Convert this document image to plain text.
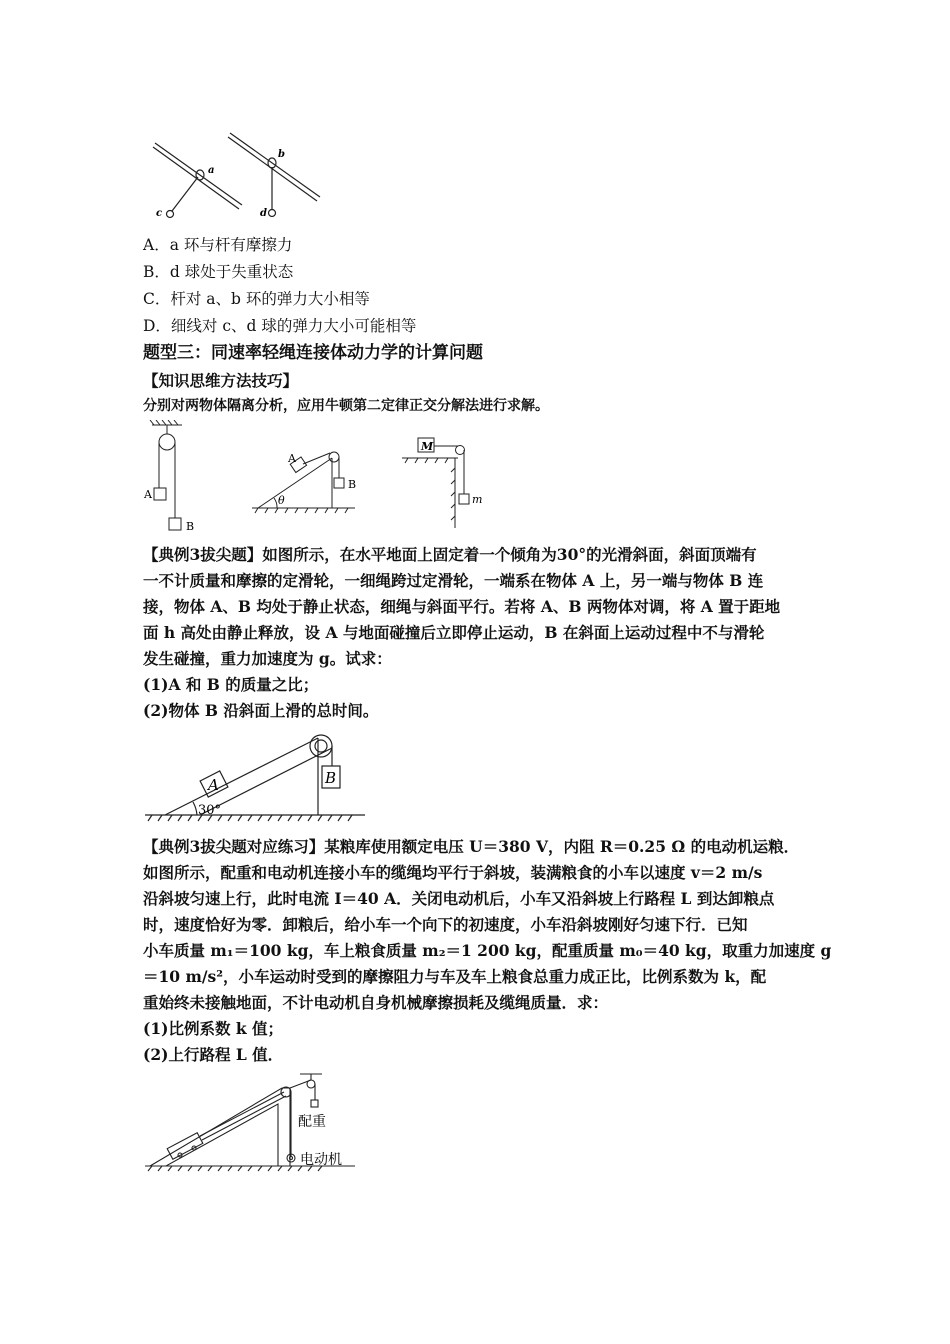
a
b
c	d
A．a 环与杆有摩擦力
B．d 球处于失重状态
C．杆对 a、b 环的弹力大小相等
D．细线对 c、d 球的弹力大小可能相等
题型三：同速率轻绳连接体动力学的计算问题
【知识思维方法技巧】
分别对两物体隔离分析，应用牛顿第二定律正交分解法进行求解。
A
B
A
B
θ
M
m
【典例3拔尖题】如图所示，在水平地面上固定着一个倾角为30°的光滑斜面，斜面顶端有
一不计质量和摩擦的定滑轮，一细绳跨过定滑轮，一端系在物体 A 上，另一端与物体 B 连
接，物体 A、B 均处于静止状态，细绳与斜面平行。若将 A、B 两物体对调，将 A 置于距地
面 h 高处由静止释放，设 A 与地面碰撞后立即停止运动，B 在斜面上运动过程中不与滑轮
发生碰撞，重力加速度为 g。试求：
(1)A 和 B 的质量之比；
(2)物体 B 沿斜面上滑的总时间。
A	B
30°
【典例3拔尖题对应练习】某粮库使用额定电压 U＝380 V，内阻 R＝0.25 Ω 的电动机运粮．
如图所示，配重和电动机连接小车的缆绳均平行于斜坡，装满粮食的小车以速度 v＝2 m/s
沿斜坡匀速上行，此时电流 I＝40 A．关闭电动机后，小车又沿斜坡上行路程 L 到达卸粮点
时，速度恰好为零．卸粮后，给小车一个向下的初速度，小车沿斜坡刚好匀速下行．已知
小车质量 m₁＝100 kg，车上粮食质量 m₂＝1 200 kg，配重质量 m₀＝40 kg，取重力加速度 g
＝10 m/s²，小车运动时受到的摩擦阻力与车及车上粮食总重力成正比，比例系数为 k，配
重始终未接触地面，不计电动机自身机械摩擦损耗及缆绳质量．求：
(1)比例系数 k 值；
(2)上行路程 L 值．
配重
电动机
